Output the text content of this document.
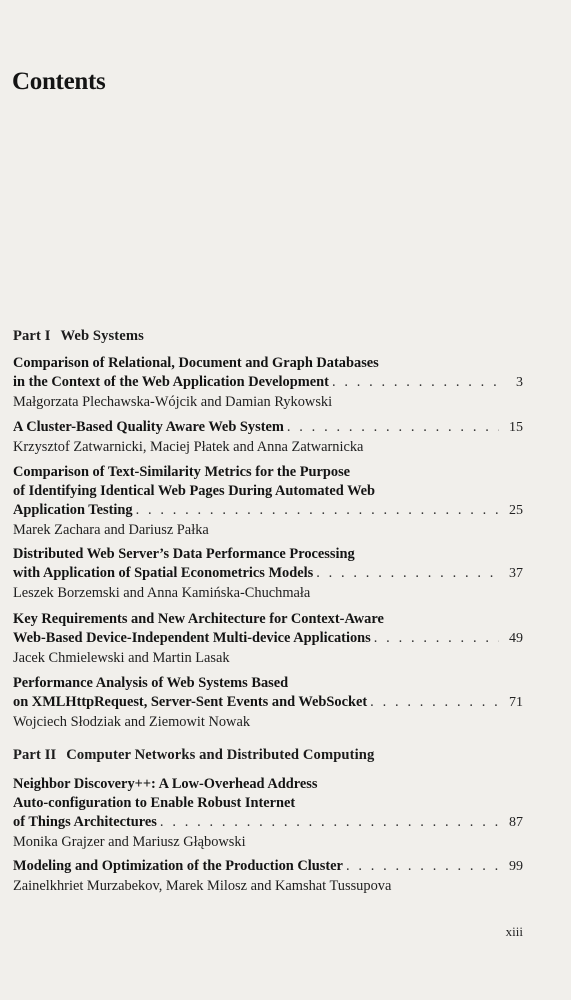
Contents
Part I Web Systems
Comparison of Relational, Document and Graph Databases
in the Context of the Web Application Development . . .	3
Małgorzata Plechawska-Wójcik and Damian Rykowski
A Cluster-Based Quality Aware Web System . . .	15
Krzysztof Zatwarnicki, Maciej Płatek and Anna Zatwarnicka
Comparison of Text-Similarity Metrics for the Purpose
of Identifying Identical Web Pages During Automated Web
Application Testing . . .	25
Marek Zachara and Dariusz Pałka
Distributed Web Server’s Data Performance Processing
with Application of Spatial Econometrics Models . . .	37
Leszek Borzemski and Anna Kamińska-Chuchmała
Key Requirements and New Architecture for Context-Aware
Web-Based Device-Independent Multi-device Applications . . .	49
Jacek Chmielewski and Martin Lasak
Performance Analysis of Web Systems Based
on XMLHttpRequest, Server-Sent Events and WebSocket . . .	71
Wojciech Słodziak and Ziemowit Nowak
Part II Computer Networks and Distributed Computing
Neighbor Discovery++: A Low-Overhead Address
Auto-configuration to Enable Robust Internet
of Things Architectures . . .	87
Monika Grajzer and Mariusz Głąbowski
Modeling and Optimization of the Production Cluster . . .	99
Zainelkhriet Murzabekov, Marek Milosz and Kamshat Tussupova
xiii
